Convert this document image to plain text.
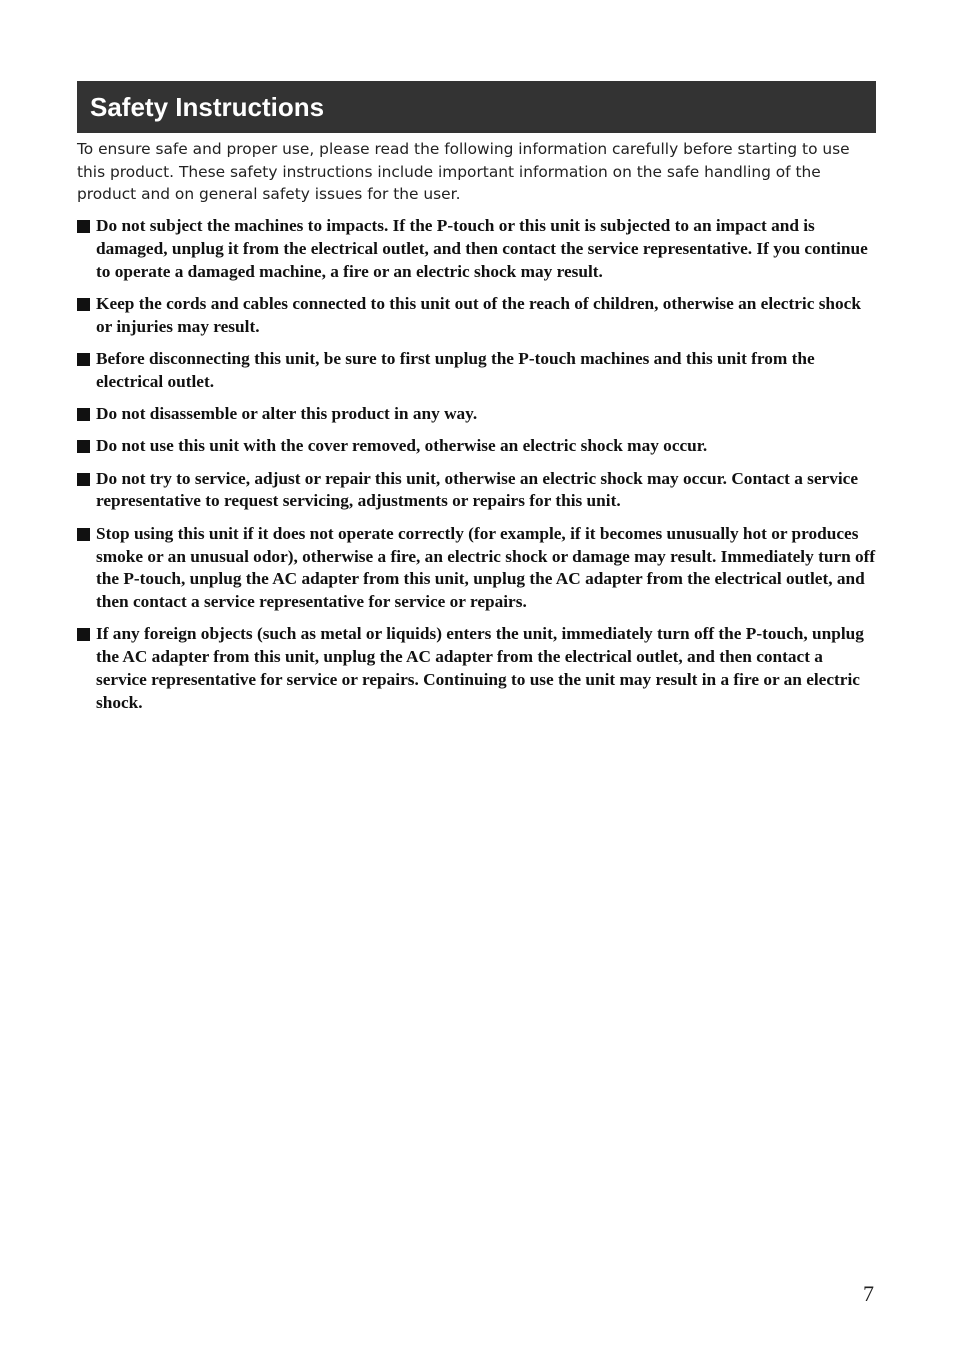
Safety Instructions

To ensure safe and proper use, please read the following information carefully before starting to use this product. These safety instructions include important information on the safe handling of the product and on general safety issues for the user.

Do not subject the machines to impacts. If the P-touch or this unit is subjected to an impact and is damaged, unplug it from the electrical outlet, and then contact the service representative. If you continue to operate a damaged machine, a fire or an electric shock may result.
Keep the cords and cables connected to this unit out of the reach of children, otherwise an electric shock or injuries may result.
Before disconnecting this unit, be sure to first unplug the P-touch machines and this unit from the electrical outlet.
Do not disassemble or alter this product in any way.
Do not use this unit with the cover removed, otherwise an electric shock may occur.
Do not try to service, adjust or repair this unit, otherwise an electric shock may occur. Contact a service representative to request servicing, adjustments or repairs for this unit.
Stop using this unit if it does not operate correctly (for example, if it becomes unusually hot or produces smoke or an unusual odor), otherwise a fire, an electric shock or damage may result. Immediately turn off the P-touch, unplug the AC adapter from this unit, unplug the AC adapter from the electrical outlet, and then contact a service representative for service or repairs.
If any foreign objects (such as metal or liquids) enters the unit, immediately turn off the P-touch, unplug the AC adapter from this unit, unplug the AC adapter from the electrical outlet, and then contact a service representative for service or repairs. Continuing to use the unit may result in a fire or an electric shock.
7
